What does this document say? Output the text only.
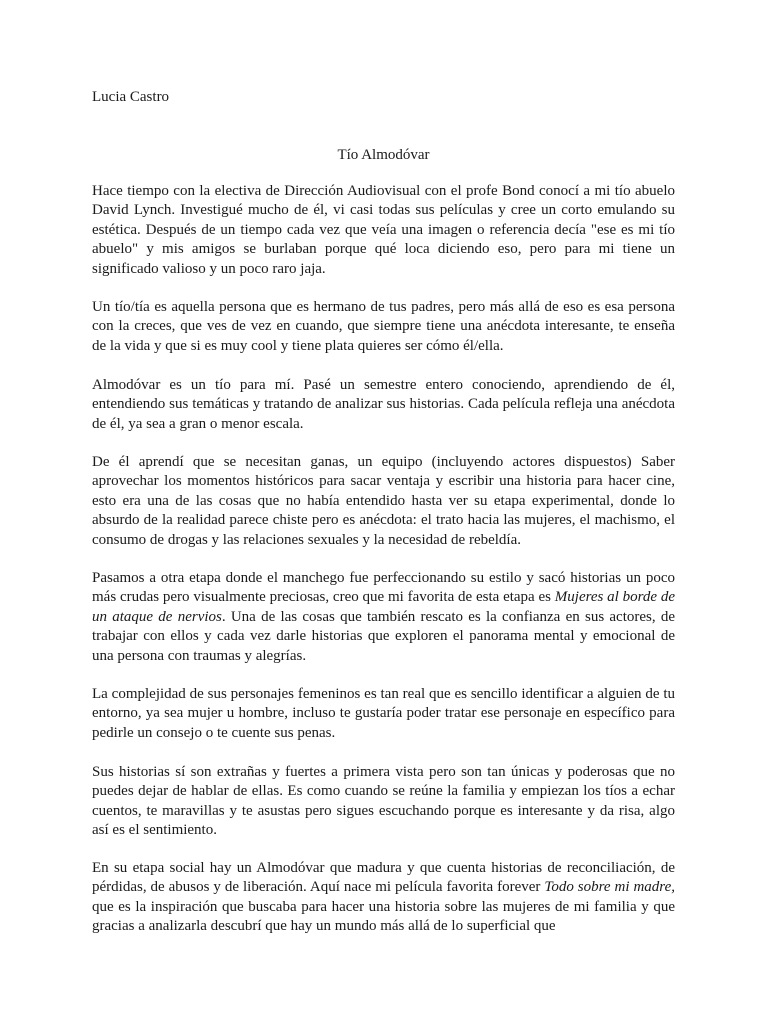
Lucia Castro

Tío Almodóvar

Hace tiempo con la electiva de Dirección Audiovisual con el profe Bond conocí a mi tío abuelo David Lynch. Investigué mucho de él, vi casi todas sus películas y cree un corto emulando su estética. Después de un tiempo cada vez que veía una imagen o referencia decía "ese es mi tío abuelo" y mis amigos se burlaban porque qué loca diciendo eso, pero para mi tiene un significado valioso y un poco raro jaja.

Un tío/tía es aquella persona que es hermano de tus padres, pero más allá de eso es esa persona con la creces, que ves de vez en cuando, que siempre tiene una anécdota interesante, te enseña de la vida y que si es muy cool y tiene plata quieres ser cómo él/ella.

Almodóvar es un tío para mí. Pasé un semestre entero conociendo, aprendiendo de él, entendiendo sus temáticas y tratando de analizar sus historias. Cada película refleja una anécdota de él, ya sea a gran o menor escala.

De él aprendí que se necesitan ganas, un equipo (incluyendo actores dispuestos) Saber aprovechar los momentos históricos para sacar ventaja y escribir una historia para hacer cine, esto era una de las cosas que no había entendido hasta ver su etapa experimental, donde lo absurdo de la realidad parece chiste pero es anécdota: el trato hacia las mujeres, el machismo, el consumo de drogas y las relaciones sexuales y la necesidad de rebeldía.

Pasamos a otra etapa donde el manchego fue perfeccionando su estilo y sacó historias un poco más crudas pero visualmente preciosas, creo que mi favorita de esta etapa es Mujeres al borde de un ataque de nervios. Una de las cosas que también rescato es la confianza en sus actores, de trabajar con ellos y cada vez darle historias que exploren el panorama mental y emocional de una persona con traumas y alegrías.

La complejidad de sus personajes femeninos es tan real que es sencillo identificar a alguien de tu entorno, ya sea mujer u hombre, incluso te gustaría poder tratar ese personaje en específico para pedirle un consejo o te cuente sus penas.

Sus historias sí son extrañas y fuertes a primera vista pero son tan únicas y poderosas que no puedes dejar de hablar de ellas. Es como cuando se reúne la familia y empiezan los tíos a echar cuentos, te maravillas y te asustas pero sigues escuchando porque es interesante y da risa, algo así es el sentimiento.

En su etapa social hay un Almodóvar que madura y que cuenta historias de reconciliación, de pérdidas, de abusos y de liberación. Aquí nace mi película favorita forever Todo sobre mi madre, que es la inspiración que buscaba para hacer una historia sobre las mujeres de mi familia y que gracias a analizarla descubrí que hay un mundo más allá de lo superficial que
